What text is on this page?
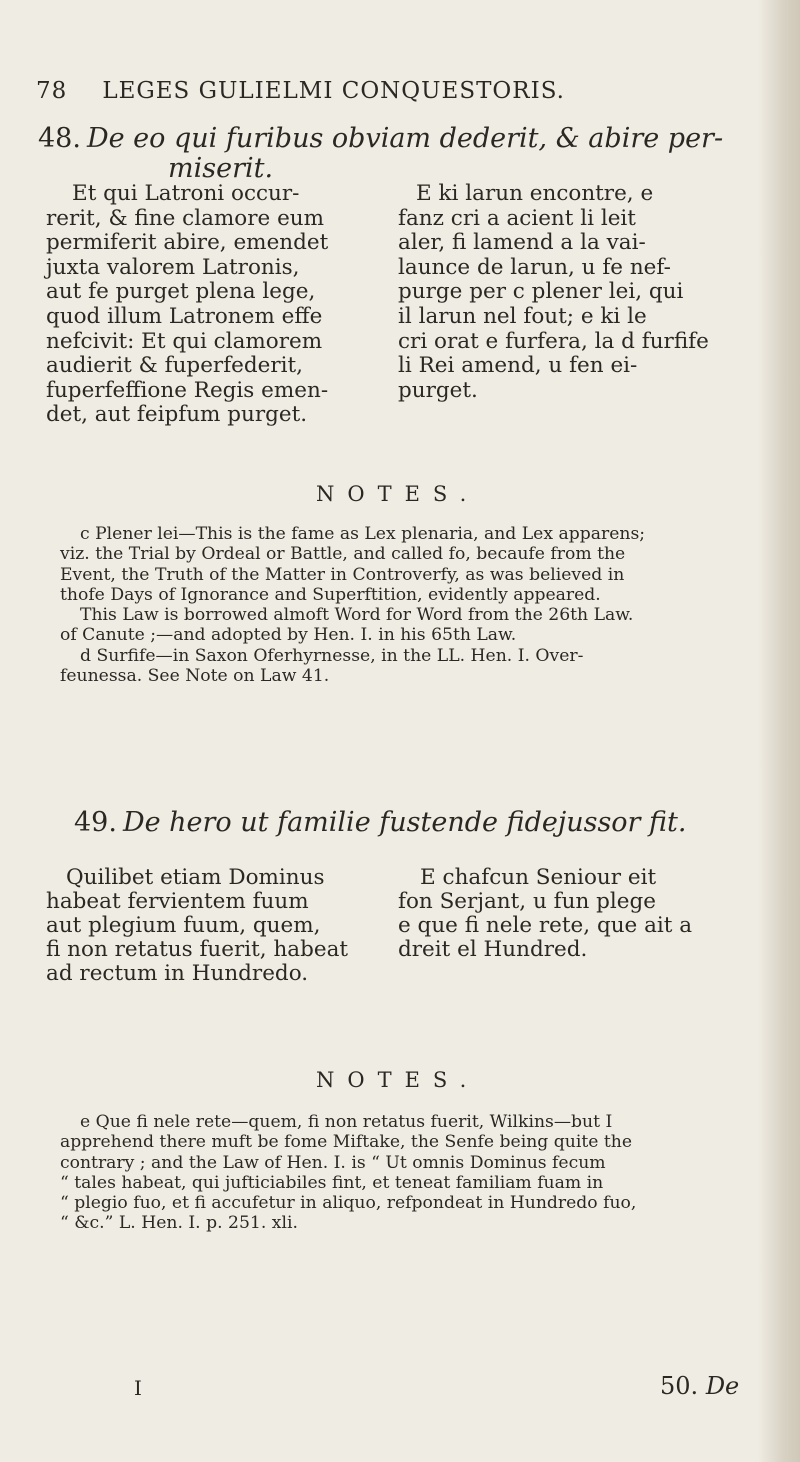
78 LEGES GULIELMI CONQUESTORIS.
48. De eo qui furibus obviam dederit, & abire per-
miserit.
Et qui Latroni occur-
rerit, & fine clamore eum
permiferit abire, emendet
juxta valorem Latronis,
aut fe purget plena lege,
quod illum Latronem effe
nefcivit: Et qui clamorem
audierit & fuperfederit,
fuperfeffione Regis emen-
det, aut feipfum purget.
E ki larun encontre, e
fanz cri a acient li leit
aler, fi lamend a la vai-
launce de larun, u fe nef-
purge per c plener lei, qui
il larun nel fout; e ki le
cri orat e furfera, la d furfife
li Rei amend, u fen ei-
purget.
NOTES.
c Plener lei—This is the fame as Lex plenaria, and Lex apparens;
viz. the Trial by Ordeal or Battle, and called fo, becaufe from the
Event, the Truth of the Matter in Controverfy, as was believed in
thofe Days of Ignorance and Superftition, evidently appeared.
This Law is borrowed almoft Word for Word from the 26th Law.
of Canute ;—and adopted by Hen. I. in his 65th Law.
d Surfife—in Saxon Oferhyrnesse, in the LL. Hen. I. Over-
feunessa. See Note on Law 41.
49. De hero ut familie fustende fidejussor fit.
Quilibet etiam Dominus
habeat fervientem fuum
aut plegium fuum, quem,
fi non retatus fuerit, habeat
ad rectum in Hundredo.
E chafcun Seniour eit
fon Serjant, u fun plege
e que fi nele rete, que ait a
dreit el Hundred.
NOTES.
e Que fi nele rete—quem, fi non retatus fuerit, Wilkins—but I
apprehend there muft be fome Miftake, the Senfe being quite the
contrary ; and the Law of Hen. I. is “ Ut omnis Dominus fecum
“ tales habeat, qui jufticiabiles fint, et teneat familiam fuam in
“ plegio fuo, et fi accufetur in aliquo, refpondeat in Hundredo fuo,
“ &c.” L. Hen. I. p. 251. xli.
I	50. De
